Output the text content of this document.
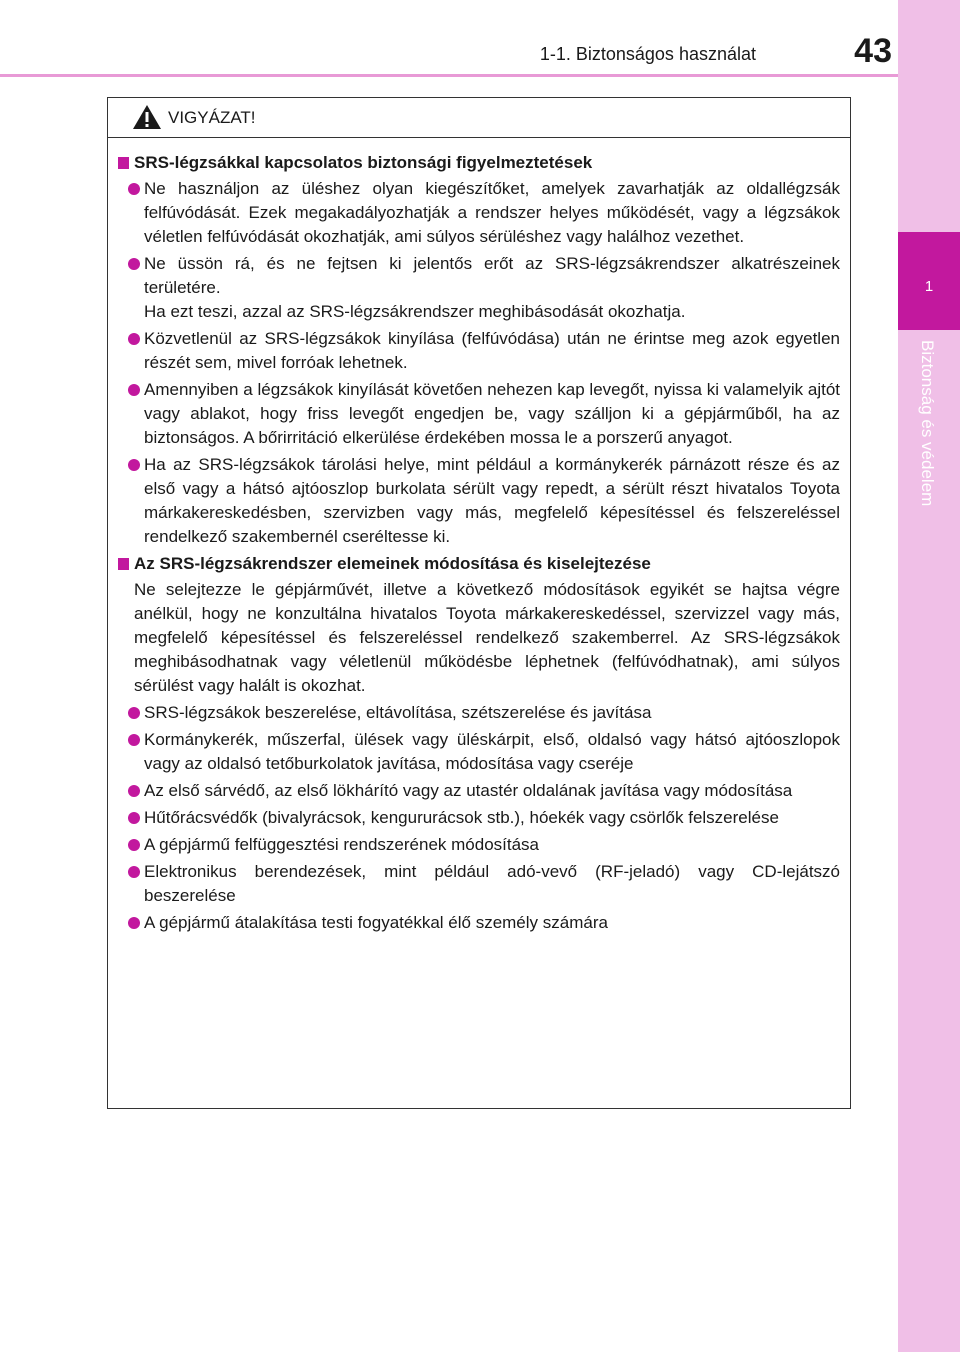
1
Biztonság és védelem
1-1. Biztonságos használat	43
VIGYÁZAT!
SRS-légzsákkal kapcsolatos biztonsági figyelmeztetések
Ne használjon az üléshez olyan kiegészítőket, amelyek zavarhatják az oldallégzsák felfúvódását. Ezek megakadályozhatják a rendszer helyes működését, vagy a légzsákok véletlen felfúvódását okozhatják, ami súlyos sérüléshez vagy halálhoz vezethet.
Ne üssön rá, és ne fejtsen ki jelentős erőt az SRS-légzsákrendszer alkatrészeinek területére.
Ha ezt teszi, azzal az SRS-légzsákrendszer meghibásodását okozhatja.
Közvetlenül az SRS-légzsákok kinyílása (felfúvódása) után ne érintse meg azok egyetlen részét sem, mivel forróak lehetnek.
Amennyiben a légzsákok kinyílását követően nehezen kap levegőt, nyissa ki valamelyik ajtót vagy ablakot, hogy friss levegőt engedjen be, vagy szálljon ki a gépjárműből, ha az biztonságos. A bőrirritáció elkerülése érdekében mossa le a porszerű anyagot.
Ha az SRS-légzsákok tárolási helye, mint például a kormánykerék párnázott része és az első vagy a hátsó ajtóoszlop burkolata sérült vagy repedt, a sérült részt hivatalos Toyota márkakereskedésben, szervizben vagy más, megfelelő képesítéssel és felszereléssel rendelkező szakembernél cseréltesse ki.
Az SRS-légzsákrendszer elemeinek módosítása és kiselejtezése
Ne selejtezze le gépjárművét, illetve a következő módosítások egyikét se hajtsa végre anélkül, hogy ne konzultálna hivatalos Toyota márkakereskedéssel, szervizzel vagy más, megfelelő képesítéssel és felszereléssel rendelkező szakemberrel. Az SRS-légzsákok meghibásodhatnak vagy véletlenül működésbe léphetnek (felfúvódhatnak), ami súlyos sérülést vagy halált is okozhat.
SRS-légzsákok beszerelése, eltávolítása, szétszerelése és javítása
Kormánykerék, műszerfal, ülések vagy üléskárpit, első, oldalsó vagy hátsó ajtóoszlopok vagy az oldalsó tetőburkolatok javítása, módosítása vagy cseréje
Az első sárvédő, az első lökhárító vagy az utastér oldalának javítása vagy módosítása
Hűtőrácsvédők (bivalyrácsok, kengururácsok stb.), hóekék vagy csörlők felszerelése
A gépjármű felfüggesztési rendszerének módosítása
Elektronikus berendezések, mint például adó-vevő (RF-jeladó) vagy CD-lejátszó beszerelése
A gépjármű átalakítása testi fogyatékkal élő személy számára
